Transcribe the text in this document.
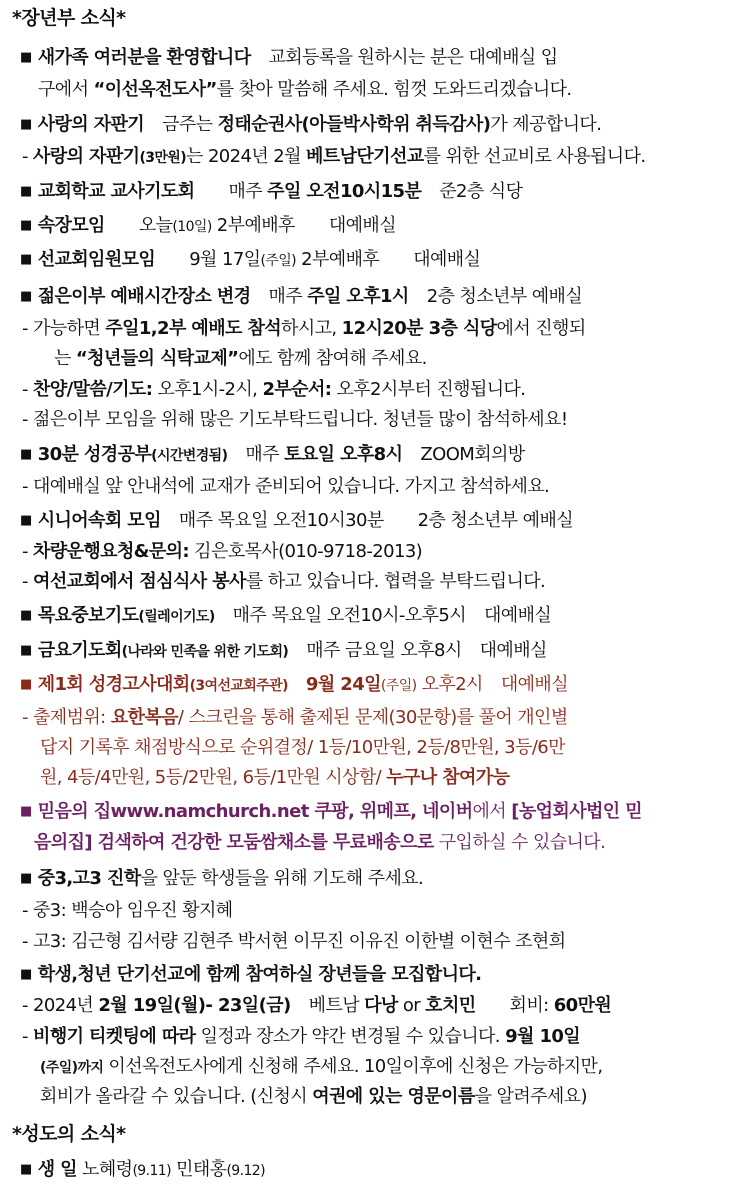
*장년부 소식*
■ 새가족 여러분을 환영합니다 교회등록을 원하시는 분은 대예배실 입
구에서 “이선옥전도사”를 찾아 말씀해 주세요. 힘껏 도와드리겠습니다.
■ 사랑의 자판기 금주는 정태순권사(아들박사학위 취득감사)가 제공합니다.
- 사랑의 자판기(3만원)는 2024년 2월 베트남단기선교를 위한 선교비로 사용됩니다.
■ 교회학교 교사기도회 매주 주일 오전10시15분 준2층 식당
■ 속장모임 오늘(10일) 2부예배후 대예배실
■ 선교회임원모임 9월 17일(주일) 2부예배후 대예배실
■ 젊은이부 예배시간장소 변경 매주 주일 오후1시 2층 청소년부 예배실
- 가능하면 주일1,2부 예배도 참석하시고, 12시20분 3층 식당에서 진행되
는 “청년들의 식탁교제”에도 함께 참여해 주세요.
- 찬양/말씀/기도: 오후1시-2시, 2부순서: 오후2시부터 진행됩니다.
- 젊은이부 모임을 위해 많은 기도부탁드립니다. 청년들 많이 참석하세요!
■ 30분 성경공부(시간변경됨) 매주 토요일 오후8시 ZOOM회의방
- 대예배실 앞 안내석에 교재가 준비되어 있습니다. 가지고 참석하세요.
■ 시니어속회 모임 매주 목요일 오전10시30분 2층 청소년부 예배실
- 차량운행요청&문의: 김은호목사(010-9718-2013)
- 여선교회에서 점심식사 봉사를 하고 있습니다. 협력을 부탁드립니다.
■ 목요중보기도(릴레이기도) 매주 목요일 오전10시-오후5시 대예배실
■ 금요기도회(나라와 민족을 위한 기도회) 매주 금요일 오후8시 대예배실
■ 제1회 성경고사대회(3여선교회주관) 9월 24일(주일) 오후2시 대예배실
- 출제범위: 요한복음/ 스크린을 통해 출제된 문제(30문항)를 풀어 개인별
답지 기록후 채점방식으로 순위결정/ 1등/10만원, 2등/8만원, 3등/6만
원, 4등/4만원, 5등/2만원, 6등/1만원 시상함/ 누구나 참여가능
■ 믿음의 집www.namchurch.net 쿠팡, 위메프, 네이버에서 [농업회사법인 믿
음의집] 검색하여 건강한 모둠쌈채소를 무료배송으로 구입하실 수 있습니다.
■ 중3,고3 진학을 앞둔 학생들을 위해 기도해 주세요.
- 중3: 백승아 임우진 황지혜
- 고3: 김근형 김서량 김현주 박서현 이무진 이유진 이한별 이현수 조현희
■ 학생,청년 단기선교에 함께 참여하실 장년들을 모집합니다.
- 2024년 2월 19일(월)- 23일(금) 베트남 다낭 or 호치민 회비: 60만원
- 비행기 티켓팅에 따라 일정과 장소가 약간 변경될 수 있습니다. 9월 10일
(주일)까지 이선옥전도사에게 신청해 주세요. 10일이후에 신청은 가능하지만,
회비가 올라갈 수 있습니다. (신청시 여권에 있는 영문이름을 알려주세요)
*성도의 소식*
■ 생 일 노혜령(9.11) 민태홍(9.12)
